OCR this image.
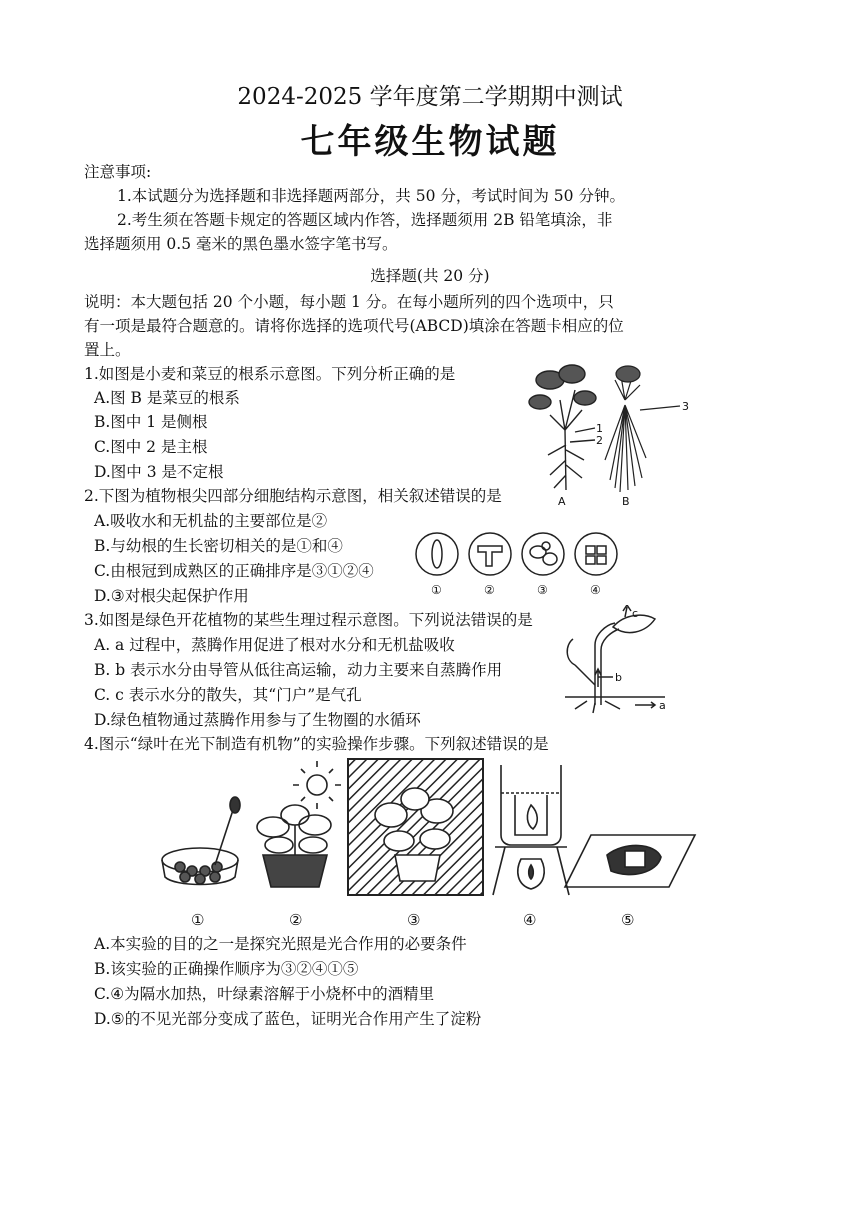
2024-2025 学年度第二学期期中测试
七年级生物试题
注意事项:
1.本试题分为选择题和非选择题两部分，共 50 分，考试时间为 50 分钟。
2.考生须在答题卡规定的答题区域内作答，选择题须用 2B 铅笔填涂，非
选择题须用 0.5 毫米的黑色墨水签字笔书写。
选择题(共 20 分)
说明：本大题包括 20 个小题，每小题 1 分。在每小题所列的四个选项中，只
有一项是最符合题意的。请将你选择的选项代号(ABCD)填涂在答题卡相应的位
置上。
1.如图是小麦和菜豆的根系示意图。下列分析正确的是
A.图 B 是菜豆的根系
B.图中 1 是侧根
C.图中 2 是主根
D.图中 3 是不定根
1
2
3
A	B
2.下图为植物根尖四部分细胞结构示意图，相关叙述错误的是
A.吸收水和无机盐的主要部位是②
B.与幼根的生长密切相关的是①和④
C.由根冠到成熟区的正确排序是③①②④
D.③对根尖起保护作用	①	②	③	④
3.如图是绿色开花植物的某些生理过程示意图。下列说法错误的是
A. a 过程中，蒸腾作用促进了根对水分和无机盐吸收
B. b 表示水分由导管从低往高运输，动力主要来自蒸腾作用
C. c 表示水分的散失，其“门户”是气孔
D.绿色植物通过蒸腾作用参与了生物圈的水循环
c
b
a
4.图示“绿叶在光下制造有机物”的实验操作步骤。下列叙述错误的是
①	②	③	④	⑤
A.本实验的目的之一是探究光照是光合作用的必要条件
B.该实验的正确操作顺序为③②④①⑤
C.④为隔水加热，叶绿素溶解于小烧杯中的酒精里
D.⑤的不见光部分变成了蓝色，证明光合作用产生了淀粉
